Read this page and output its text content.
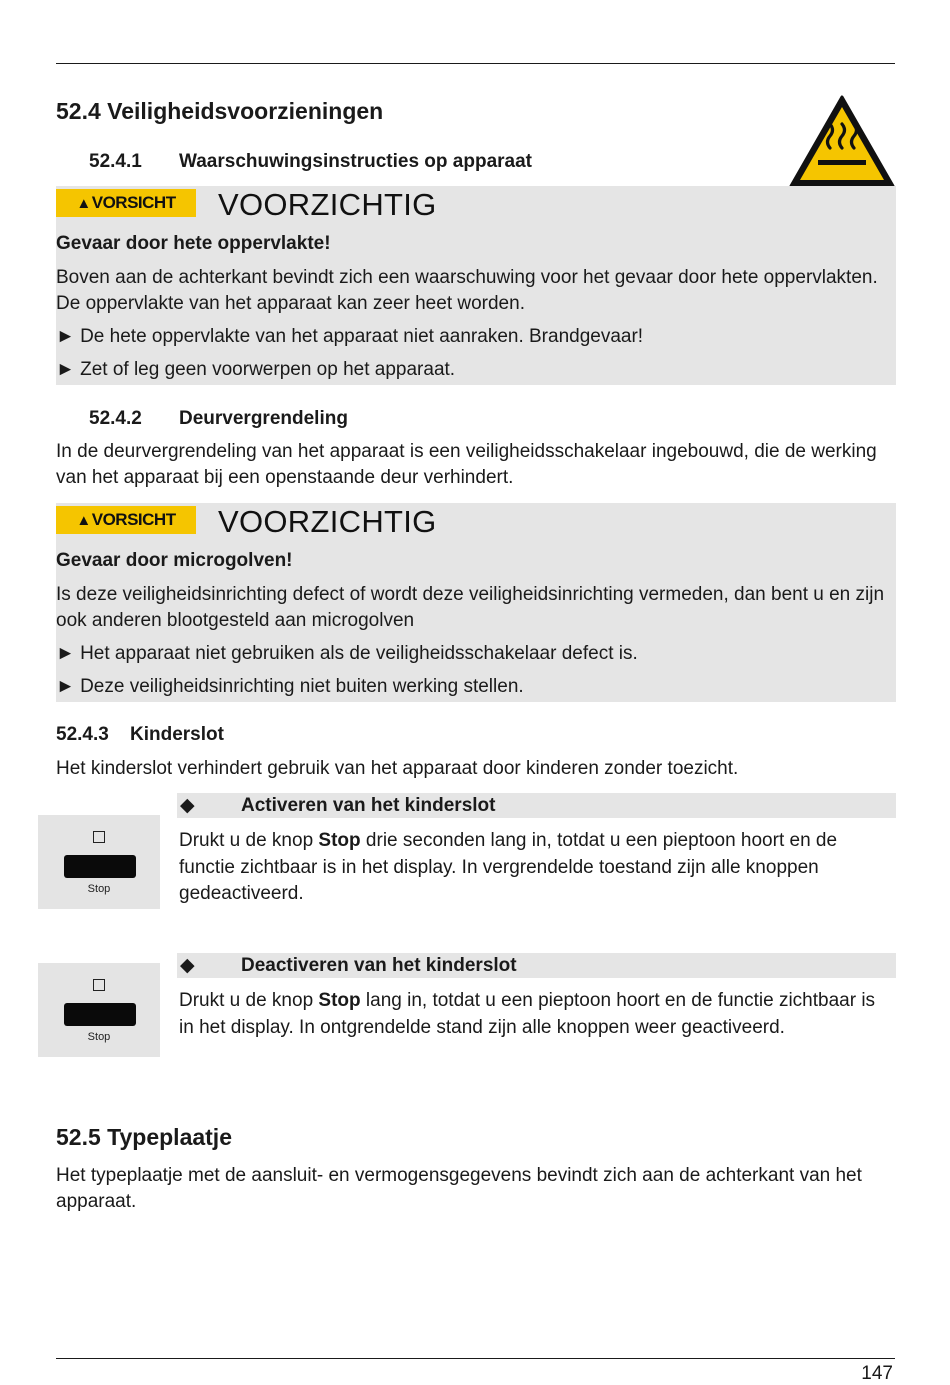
52.4 Veiligheidsvoorzieningen
52.4.1 Waarschuwingsinstructies op apparaat
▲ VORSICHT VOORZICHTIG
Gevaar door hete oppervlakte!
Boven aan de achterkant bevindt zich een waarschuwing voor het gevaar door hete oppervlakten. De oppervlakte van het apparaat kan zeer heet worden.
► De hete oppervlakte van het apparaat niet aanraken. Brandgevaar!
► Zet of leg geen voorwerpen op het apparaat.
52.4.2 Deurvergrendeling
In de deurvergrendeling van het apparaat is een veiligheidsschakelaar ingebouwd, die de werking van het apparaat bij een openstaande deur verhindert.
▲ VORSICHT VOORZICHTIG
Gevaar door microgolven!
Is deze veiligheidsinrichting defect of wordt deze veiligheidsinrichting vermeden, dan bent u en zijn ook anderen blootgesteld aan microgolven
► Het apparaat niet gebruiken als de veiligheidsschakelaar defect is.
► Deze veiligheidsinrichting niet buiten werking stellen.
52.4.3 Kinderslot
Het kinderslot verhindert gebruik van het apparaat door kinderen zonder toezicht.
◆ Activeren van het kinderslot
Stop
Drukt u de knop Stop drie seconden lang in, totdat u een pieptoon hoort en de functie zichtbaar is in het display. In vergrendelde toestand zijn alle knoppen gedeactiveerd.
◆ Deactiveren van het kinderslot
Stop
Drukt u de knop Stop lang in, totdat u een pieptoon hoort en de functie zichtbaar is in het display. In ontgrendelde stand zijn alle knoppen weer geactiveerd.
52.5 Typeplaatje
Het typeplaatje met de aansluit- en vermogensgegevens bevindt zich aan de achterkant van het apparaat.
147
